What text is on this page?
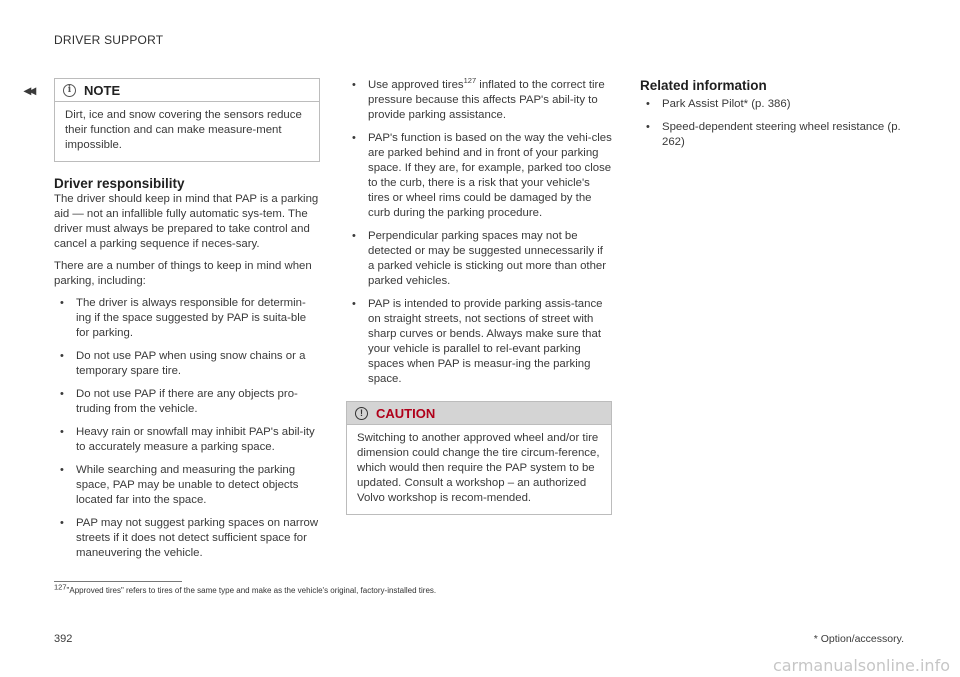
DRIVER SUPPORT
◂◂	i NOTE
Dirt, ice and snow covering the sensors reduce their function and can make measure-ment impossible.
Driver responsibility

The driver should keep in mind that PAP is a parking aid — not an infallible fully automatic sys-tem. The driver must always be prepared to take control and cancel a parking sequence if neces-sary.

There are a number of things to keep in mind when parking, including:

• The driver is always responsible for determin-ing if the space suggested by PAP is suita-ble for parking.
• Do not use PAP when using snow chains or a temporary spare tire.
• Do not use PAP if there are any objects pro-truding from the vehicle.
• Heavy rain or snowfall may inhibit PAP's abil-ity to accurately measure a parking space.
• While searching and measuring the parking space, PAP may be unable to detect objects located far into the space.
• PAP may not suggest parking spaces on narrow streets if it does not detect sufficient space for maneuvering the vehicle.
• Use approved tires$^{127}$ inflated to the correct tire pressure because this affects PAP's abil-ity to provide parking assistance.
• PAP's function is based on the way the vehi-cles are parked behind and in front of your parking space. If they are, for example, parked too close to the curb, there is a risk that your vehicle's tires or wheel rims could be damaged by the curb during the parking procedure.
• Perpendicular parking spaces may not be detected or may be suggested unnecessarily if a parked vehicle is sticking out more than other parked vehicles.
• PAP is intended to provide parking assis-tance on straight streets, not sections of street with sharp curves or bends. Always make sure that your vehicle is parallel to rel-evant parking spaces when PAP is measur-ing the parking space.
!	CAUTION
Switching to another approved wheel and/or tire dimension could change the tire circum-ference, which would then require the PAP system to be updated. Consult a workshop – an authorized Volvo workshop is recom-mended.
Related information
• Park Assist Pilot* (p. 386)
• Speed-dependent steering wheel resistance (p. 262)
$^{127}$"Approved tires" refers to tires of the same type and make as the vehicle's original, factory-installed tires.
392	* Option/accessory.
carmanualsonline.info
